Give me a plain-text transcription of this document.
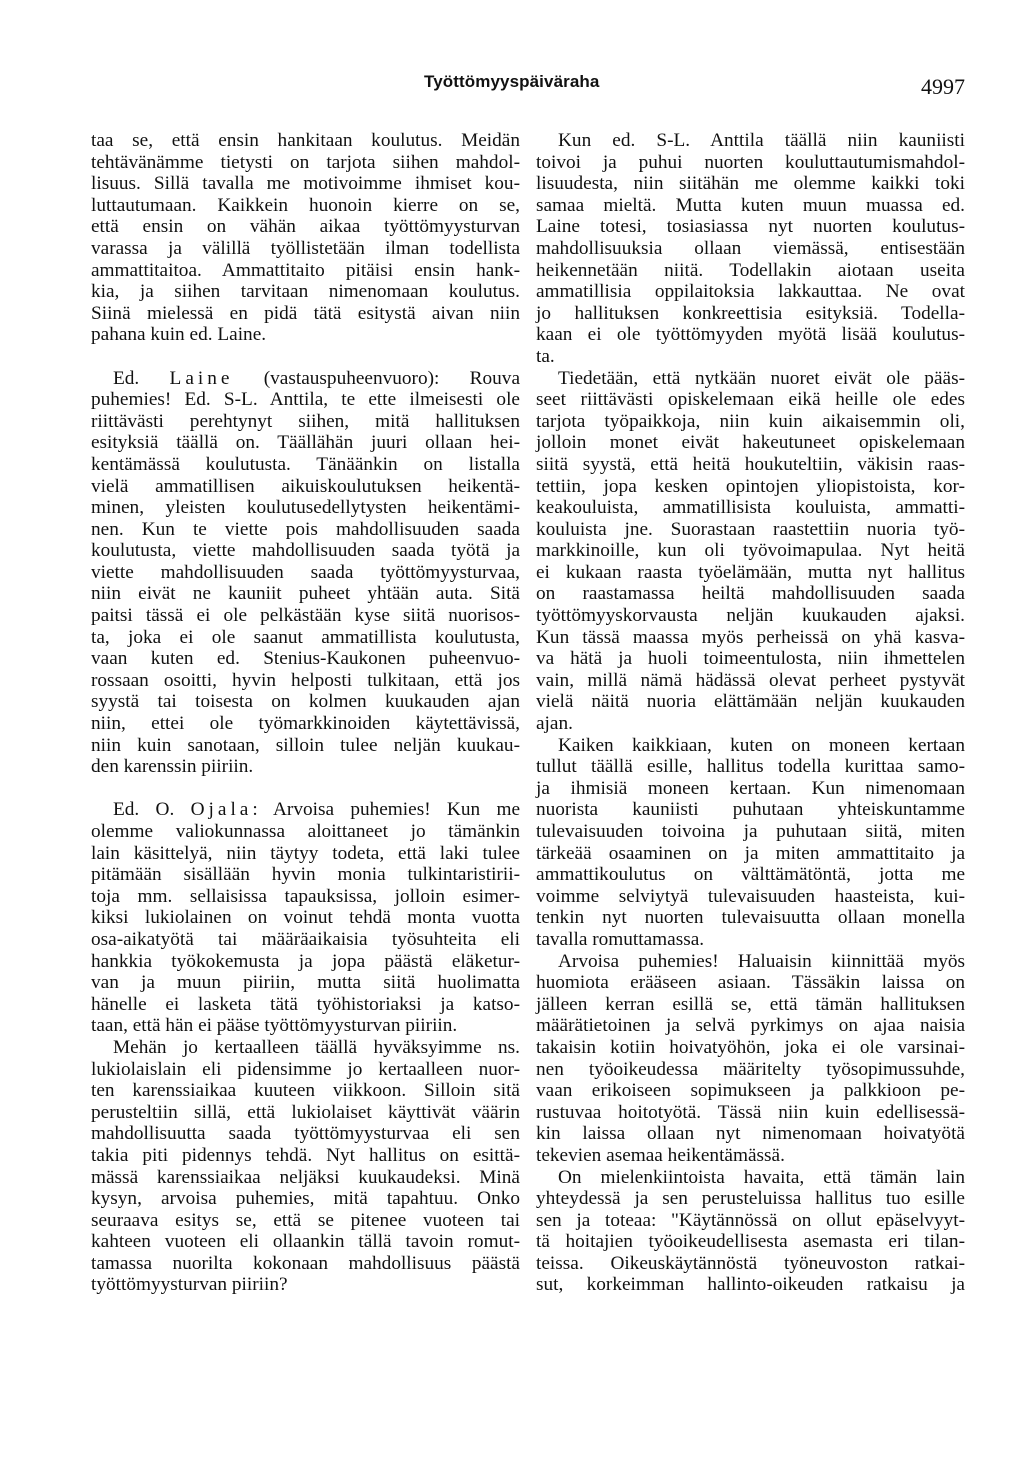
Työttömyyspäiväraha	4997
taa se, että ensin hankitaan koulutus. Meidän
tehtävänämme tietysti on tarjota siihen mahdol-
lisuus. Sillä tavalla me motivoimme ihmiset kou-
luttautumaan. Kaikkein huonoin kierre on se,
että ensin on vähän aikaa työttömyysturvan
varassa ja välillä työllistetään ilman todellista
ammattitaitoa. Ammattitaito pitäisi ensin hank-
kia, ja siihen tarvitaan nimenomaan koulutus.
Siinä mielessä en pidä tätä esitystä aivan niin
pahana kuin ed. Laine.
Ed. Laine (vastauspuheenvuoro): Rouva
puhemies! Ed. S-L. Anttila, te ette ilmeisesti ole
riittävästi perehtynyt siihen, mitä hallituksen
esityksiä täällä on. Täällähän juuri ollaan hei-
kentämässä koulutusta. Tänäänkin on listalla
vielä ammatillisen aikuiskoulutuksen heikentä-
minen, yleisten koulutusedellytysten heikentämi-
nen. Kun te viette pois mahdollisuuden saada
koulutusta, viette mahdollisuuden saada työtä ja
viette mahdollisuuden saada työttömyysturvaa,
niin eivät ne kauniit puheet yhtään auta. Sitä
paitsi tässä ei ole pelkästään kyse siitä nuorisos-
ta, joka ei ole saanut ammatillista koulutusta,
vaan kuten ed. Stenius-Kaukonen puheenvuo-
rossaan osoitti, hyvin helposti tulkitaan, että jos
syystä tai toisesta on kolmen kuukauden ajan
niin, ettei ole työmarkkinoiden käytettävissä,
niin kuin sanotaan, silloin tulee neljän kuukau-
den karenssin piiriin.
Ed. O. Ojala: Arvoisa puhemies! Kun me
olemme valiokunnassa aloittaneet jo tämänkin
lain käsittelyä, niin täytyy todeta, että laki tulee
pitämään sisällään hyvin monia tulkintaristirii-
toja mm. sellaisissa tapauksissa, jolloin esimer-
kiksi lukiolainen on voinut tehdä monta vuotta
osa-aikatyötä tai määräaikaisia työsuhteita eli
hankkia työkokemusta ja jopa päästä eläketur-
van ja muun piiriin, mutta siitä huolimatta
hänelle ei lasketa tätä työhistoriaksi ja katso-
taan, että hän ei pääse työttömyysturvan piiriin.
Mehän jo kertaalleen täällä hyväksyimme ns.
lukiolaislain eli pidensimme jo kertaalleen nuor-
ten karenssiaikaa kuuteen viikkoon. Silloin sitä
perusteltiin sillä, että lukiolaiset käyttivät väärin
mahdollisuutta saada työttömyysturvaa eli sen
takia piti pidennys tehdä. Nyt hallitus on esittä-
mässä karenssiaikaa neljäksi kuukaudeksi. Minä
kysyn, arvoisa puhemies, mitä tapahtuu. Onko
seuraava esitys se, että se pitenee vuoteen tai
kahteen vuoteen eli ollaankin tällä tavoin romut-
tamassa nuorilta kokonaan mahdollisuus päästä
työttömyysturvan piiriin?
Kun ed. S-L. Anttila täällä niin kauniisti
toivoi ja puhui nuorten kouluttautumismahdol-
lisuudesta, niin siitähän me olemme kaikki toki
samaa mieltä. Mutta kuten muun muassa ed.
Laine totesi, tosiasiassa nyt nuorten koulutus-
mahdollisuuksia ollaan viemässä, entisestään
heikennetään niitä. Todellakin aiotaan useita
ammatillisia oppilaitoksia lakkauttaa. Ne ovat
jo hallituksen konkreettisia esityksiä. Todella-
kaan ei ole työttömyyden myötä lisää koulutus-
ta.
Tiedetään, että nytkään nuoret eivät ole pääs-
seet riittävästi opiskelemaan eikä heille ole edes
tarjota työpaikkoja, niin kuin aikaisemmin oli,
jolloin monet eivät hakeutuneet opiskelemaan
siitä syystä, että heitä houkuteltiin, väkisin raas-
tettiin, jopa kesken opintojen yliopistoista, kor-
keakouluista, ammatillisista kouluista, ammatti-
kouluista jne. Suorastaan raastettiin nuoria työ-
markkinoille, kun oli työvoimapulaa. Nyt heitä
ei kukaan raasta työelämään, mutta nyt hallitus
on raastamassa heiltä mahdollisuuden saada
työttömyyskorvausta neljän kuukauden ajaksi.
Kun tässä maassa myös perheissä on yhä kasva-
va hätä ja huoli toimeentulosta, niin ihmettelen
vain, millä nämä hädässä olevat perheet pystyvät
vielä näitä nuoria elättämään neljän kuukauden
ajan.
Kaiken kaikkiaan, kuten on moneen kertaan
tullut täällä esille, hallitus todella kurittaa samo-
ja ihmisiä moneen kertaan. Kun nimenomaan
nuorista kauniisti puhutaan yhteiskuntamme
tulevaisuuden toivoina ja puhutaan siitä, miten
tärkeää osaaminen on ja miten ammattitaito ja
ammattikoulutus on välttämätöntä, jotta me
voimme selviytyä tulevaisuuden haasteista, kui-
tenkin nyt nuorten tulevaisuutta ollaan monella
tavalla romuttamassa.
Arvoisa puhemies! Haluaisin kiinnittää myös
huomiota erääseen asiaan. Tässäkin laissa on
jälleen kerran esillä se, että tämän hallituksen
määrätietoinen ja selvä pyrkimys on ajaa naisia
takaisin kotiin hoivatyöhön, joka ei ole varsinai-
nen työoikeudessa määritelty työsopimussuhde,
vaan erikoiseen sopimukseen ja palkkioon pe-
rustuvaa hoitotyötä. Tässä niin kuin edellisessä-
kin laissa ollaan nyt nimenomaan hoivatyötä
tekevien asemaa heikentämässä.
On mielenkiintoista havaita, että tämän lain
yhteydessä ja sen perusteluissa hallitus tuo esille
sen ja toteaa: "Käytännössä on ollut epäselvyyt-
tä hoitajien työoikeudellisesta asemasta eri tilan-
teissa. Oikeuskäytännöstä työneuvoston ratkai-
sut, korkeimman hallinto-oikeuden ratkaisu ja
